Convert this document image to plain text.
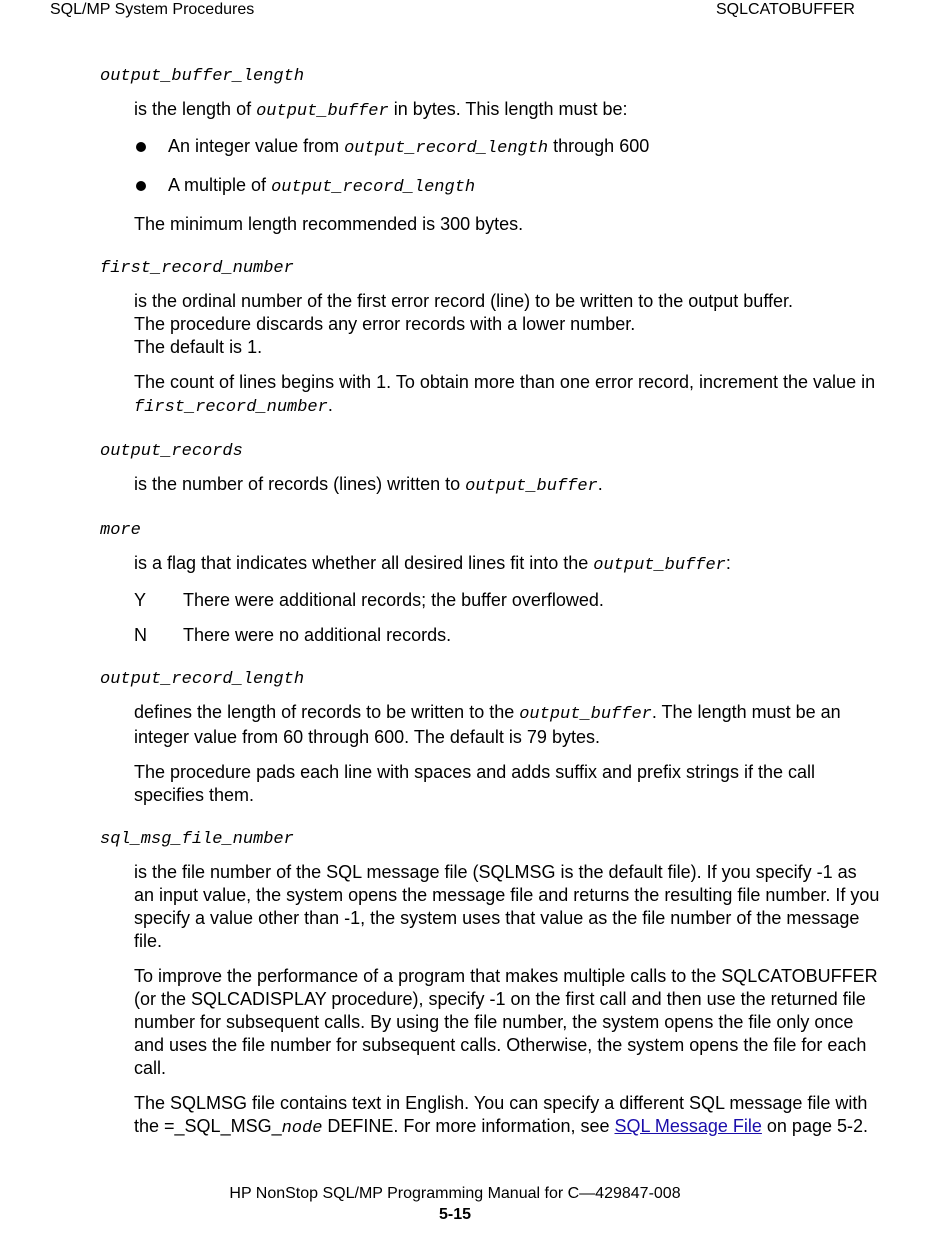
SQL/MP System Procedures	SQLCATOBUFFER
output_buffer_length
is the length of output_buffer in bytes. This length must be:
An integer value from output_record_length through 600
A multiple of output_record_length
The minimum length recommended is 300 bytes.
first_record_number
is the ordinal number of the first error record (line) to be written to the output buffer.
The procedure discards any error records with a lower number.
The default is 1.
The count of lines begins with 1. To obtain more than one error record, increment the value in first_record_number.
output_records
is the number of records (lines) written to output_buffer.
more
is a flag that indicates whether all desired lines fit into the output_buffer:
Y	There were additional records; the buffer overflowed.
N	There were no additional records.
output_record_length
defines the length of records to be written to the output_buffer. The length must be an integer value from 60 through 600. The default is 79 bytes.
The procedure pads each line with spaces and adds suffix and prefix strings if the call specifies them.
sql_msg_file_number
is the file number of the SQL message file (SQLMSG is the default file). If you specify -1 as an input value, the system opens the message file and returns the resulting file number. If you specify a value other than -1, the system uses that value as the file number of the message file.
To improve the performance of a program that makes multiple calls to the SQLCATOBUFFER (or the SQLCADISPLAY procedure), specify -1 on the first call and then use the returned file number for subsequent calls. By using the file number, the system opens the file only once and uses the file number for subsequent calls. Otherwise, the system opens the file for each call.
The SQLMSG file contains text in English. You can specify a different SQL message file with the =_SQL_MSG_node DEFINE. For more information, see SQL Message File on page 5-2.
HP NonStop SQL/MP Programming Manual for C—429847-008
5-15
